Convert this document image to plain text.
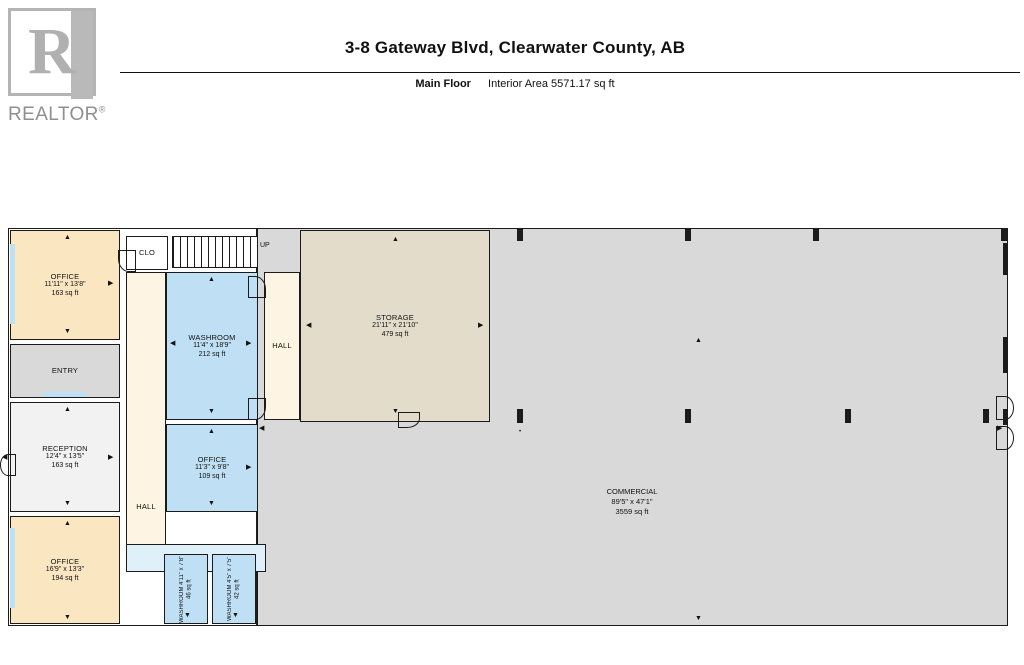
R
REALTOR®
3-8 Gateway Blvd, Clearwater County, AB
Main Floor Interior Area 5571.17 sq ft
COMMERCIAL
89'5" x 47'1"
3559 sq ft
▲
▼
◀	▶
•
STORAGE
21'11" x 21'10"
479 sq ft
▲
▼
◀	▶
OFFICE
11'11" x 13'8"
163 sq ft
▲
▼
▶
ENTRY
RECEPTION
12'4" x 13'5"
163 sq ft
▲
▼
◀	▶
OFFICE
16'9" x 13'3"
194 sq ft
▲
▼
CLO
UP
WASHROOM
11'4" x 18'9"
212 sq ft
▲
▼
◀	▶	HALL
HALL
OFFICE
11'3" x 9'8"
109 sq ft
▲
▼
▶
WASHROOM 4'11" x 7'8" 46 sq ft
▼	WASHROOM 4'5" x 7'5" 42 sq ft
▼
